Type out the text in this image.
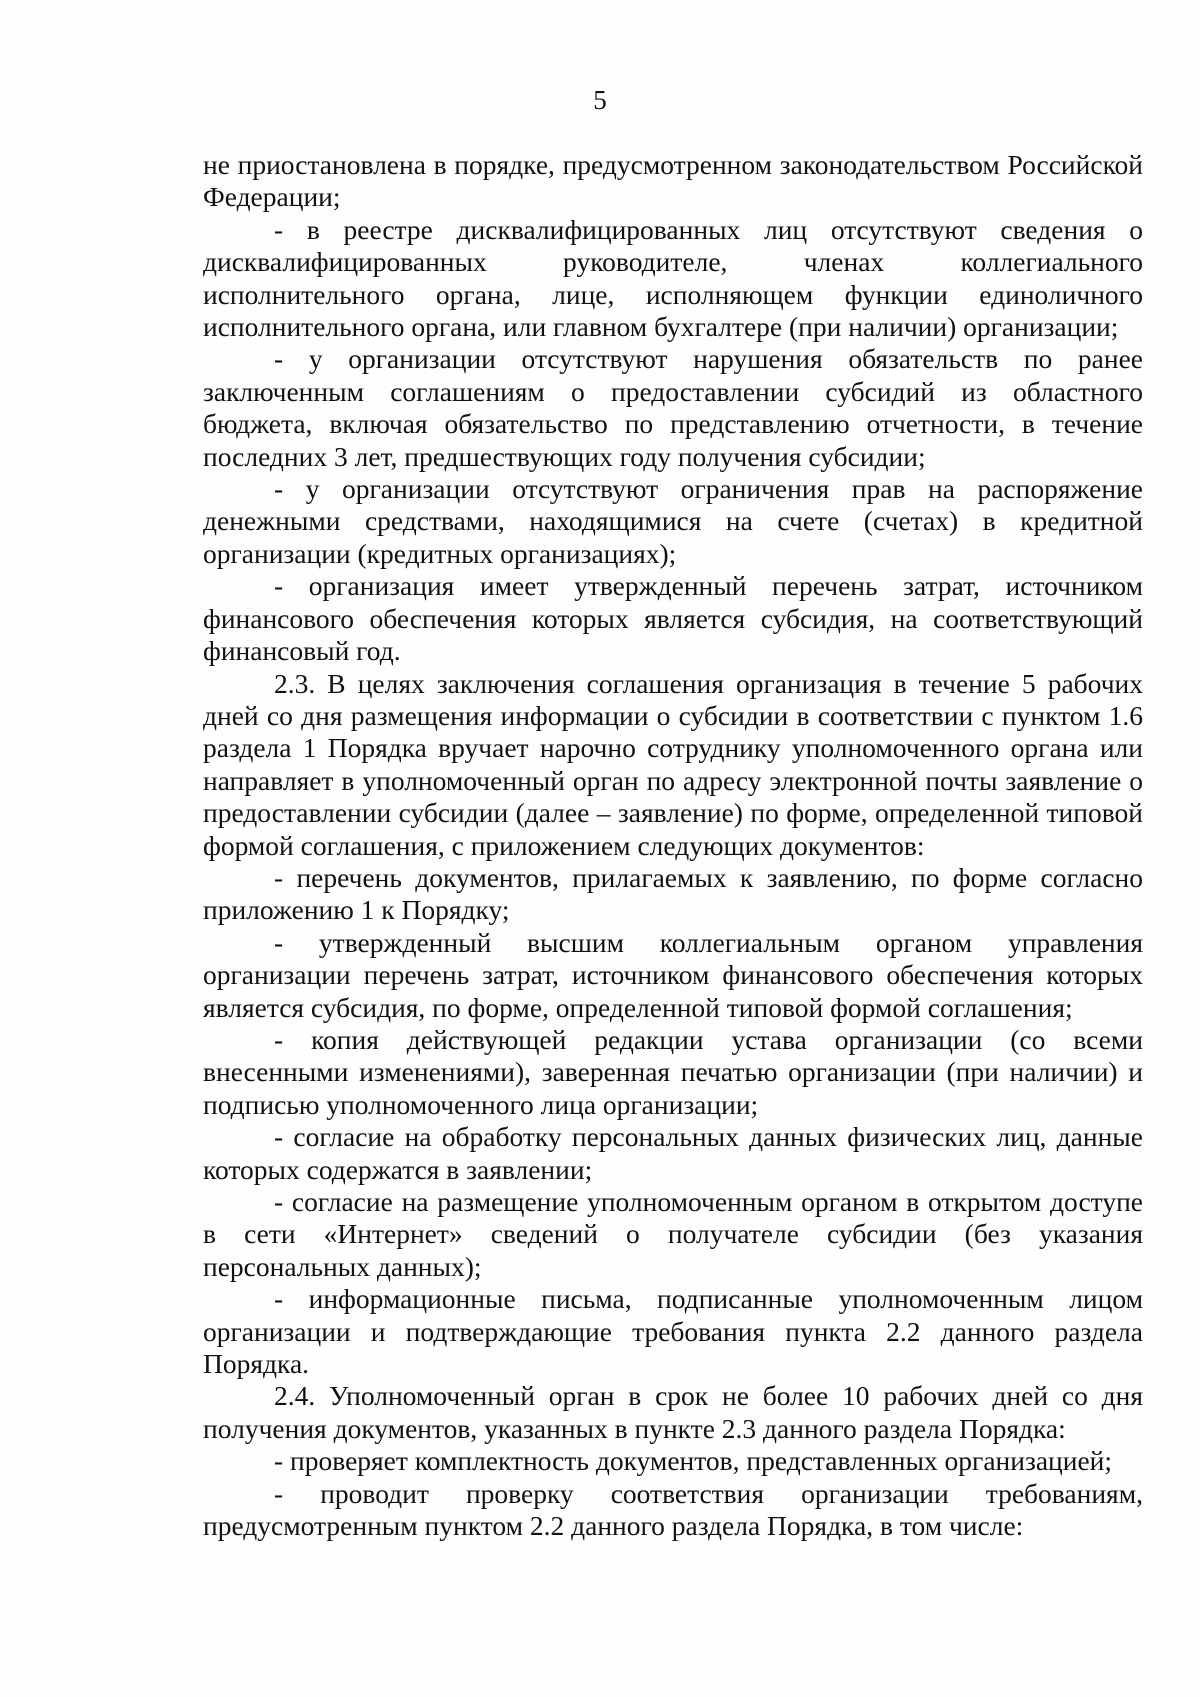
5

не приостановлена в порядке, предусмотренном законодательством Российской Федерации;

- в реестре дисквалифицированных лиц отсутствуют сведения о дисквалифицированных руководителе, членах коллегиального исполнительного органа, лице, исполняющем функции единоличного исполнительного органа, или главном бухгалтере (при наличии) организации;

- у организации отсутствуют нарушения обязательств по ранее заключенным соглашениям о предоставлении субсидий из областного бюджета, включая обязательство по представлению отчетности, в течение последних 3 лет, предшествующих году получения субсидии;

- у организации отсутствуют ограничения прав на распоряжение денежными средствами, находящимися на счете (счетах) в кредитной организации (кредитных организациях);

- организация имеет утвержденный перечень затрат, источником финансового обеспечения которых является субсидия, на соответствующий финансовый год.

2.3. В целях заключения соглашения организация в течение 5 рабочих дней со дня размещения информации о субсидии в соответствии с пунктом 1.6 раздела 1 Порядка вручает нарочно сотруднику уполномоченного органа или направляет в уполномоченный орган по адресу электронной почты заявление о предоставлении субсидии (далее – заявление) по форме, определенной типовой формой соглашения, с приложением следующих документов:

- перечень документов, прилагаемых к заявлению, по форме согласно приложению 1 к Порядку;

- утвержденный высшим коллегиальным органом управления организации перечень затрат, источником финансового обеспечения которых является субсидия, по форме, определенной типовой формой соглашения;

- копия действующей редакции устава организации (со всеми внесенными изменениями), заверенная печатью организации (при наличии) и подписью уполномоченного лица организации;

- согласие на обработку персональных данных физических лиц, данные которых содержатся в заявлении;

- согласие на размещение уполномоченным органом в открытом доступе в сети «Интернет» сведений о получателе субсидии (без указания персональных данных);

- информационные письма, подписанные уполномоченным лицом организации и подтверждающие требования пункта 2.2 данного раздела Порядка.

2.4. Уполномоченный орган в срок не более 10 рабочих дней со дня получения документов, указанных в пункте 2.3 данного раздела Порядка:

- проверяет комплектность документов, представленных организацией;

- проводит проверку соответствия организации требованиям, предусмотренным пунктом 2.2 данного раздела Порядка, в том числе:
